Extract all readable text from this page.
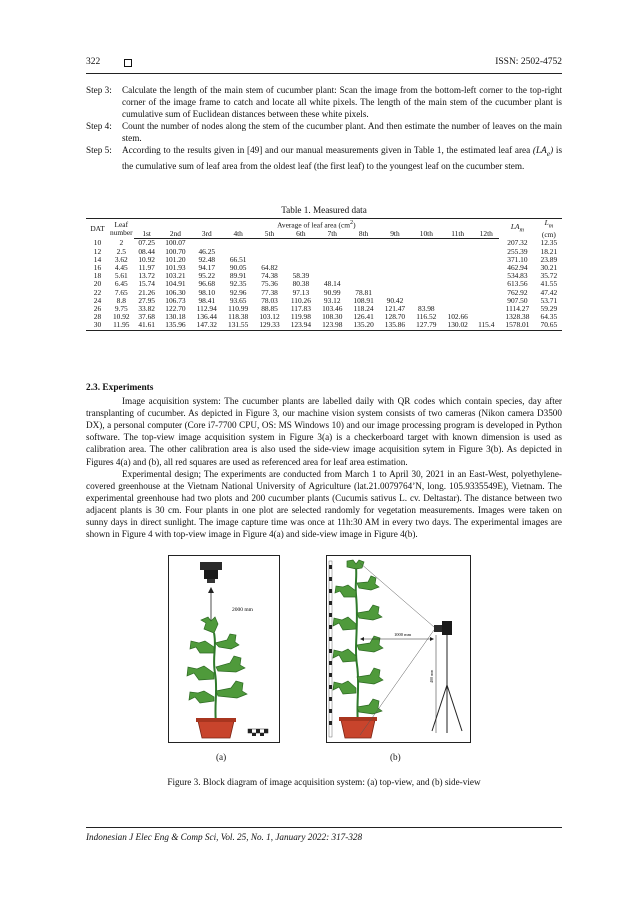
322	ISSN: 2502-4752
Step 3:	Calculate the length of the main stem of cucumber plant: Scan the image from the bottom-left corner to the top-right corner of the image frame to catch and locate all white pixels. The length of the main stem of the cucumber plant is cumulative sum of Euclidean distances between these white pixels.
Step 4:	Count the number of nodes along the stem of the cucumber plant. And then estimate the number of leaves on the main stem.
Step 5:	According to the results given in [49] and our manual measurements given in Table 1, the estimated leaf area $(LA_e)$ is the cumulative sum of leaf area from the oldest leaf (the first leaf) to the youngest leaf on the cucumber stem.
Table 1. Measured data
DAT	Leaf number	Average of leaf area $(cm^2)$												$LA_m$	$L_m$
(cm)
		1st	2nd	3rd	4th	5th	6th	7th	8th	9th	10th	11th	12th		
10	2	07.25	100.07											207.32	12.35
12	2.5	08.44	100.70	46.25										255.39	18.21
14	3.62	10.92	101.20	92.48	66.51									371.10	23.89
16	4.45	11.97	101.93	94.17	90.05	64.82								462.94	30.21
18	5.61	13.72	103.21	95.22	89.91	74.38	58.39							534.83	35.72
20	6.45	15.74	104.91	96.68	92.35	75.36	80.38	48.14						613.56	41.55
22	7.65	21.26	106.30	98.10	92.96	77.38	97.13	90.99	78.81					762.92	47.42
24	8.8	27.95	106.73	98.41	93.65	78.03	110.26	93.12	108.91	90.42				907.50	53.71
26	9.75	33.82	122.70	112.94	110.99	88.85	117.83	103.46	118.24	121.47	83.98			1114.27	59.29
28	10.92	37.68	130.18	136.44	118.38	103.12	119.98	108.30	126.41	128.70	116.52	102.66		1328.38	64.35
30	11.95	41.61	135.96	147.32	131.55	129.33	123.94	123.98	135.20	135.86	127.79	130.02	115.4	1578.01	70.65
2.3. Experiments

Image acquisition system: The cucumber plants are labelled daily with QR codes which contain species, day after transplanting of cucumber. As depicted in Figure 3, our machine vision system consists of two cameras (Nikon camera D3500 DX), a personal computer (Core i7-7700 CPU, OS: MS Windows 10) and our image processing program is developed in Python software. The top-view image acquisition system in Figure 3(a) is a checkerboard target with known dimension is used as calibration area. The other calibration area is also used the side-view image acquisition sytem in Figure 3(b). As depicted in Figures 4(a) and (b), all red squares are used as referenced area for leaf area estimation.

Experimental design; The experiments are conducted from March 1 to April 30, 2021 in an East-West, polyethylene-covered greenhouse at the Vietnam National University of Agriculture (lat.21.0079764’N, long. 105.9335549E), Vietnam. The experimental greenhouse had two plots and 200 cucumber plants (Cucumis sativus L. cv. Deltastar). The distance between two adjacent plants is 30 cm. Four plants in one plot are selected randomly for vegetation measurements. Images were taken on sunny days in direct sunlight. The image capture time was once at 11h:30 AM in every two days. The experimental images are shown in Figure 4 with top-view image in Figure 4(a) and side-view image in Figure 4(b).

2000 mm
1000 mm
400 mm
(a)	(b)
Figure 3. Block diagram of image acquisition system: (a) top-view, and (b) side-view
Indonesian J Elec Eng & Comp Sci, Vol. 25, No. 1, January 2022: 317-328
